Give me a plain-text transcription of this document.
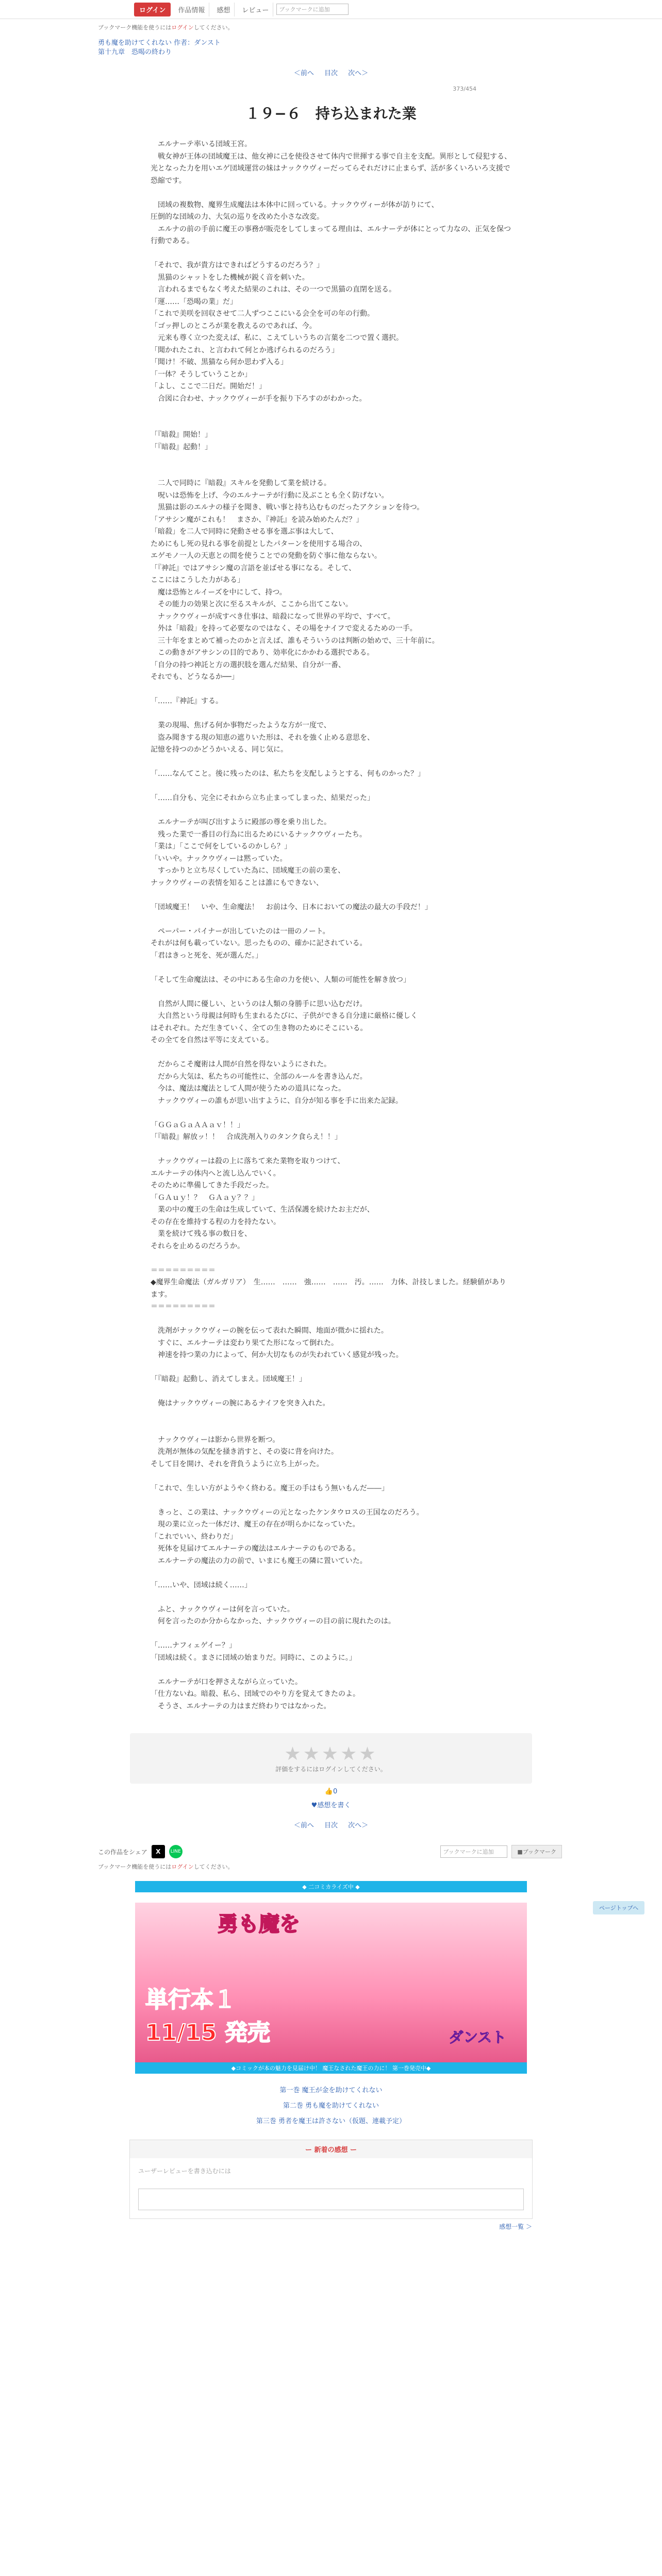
ログイン	作品情報	感想	レビュー	ブックマークに追加
ブックマーク機能を使うにはログインしてください。
勇も魔を助けてくれない 作者：ダンスト
第十九章　恐喝の終わり
＜前へ 目次 次へ＞
373/454
１９−６　持ち込まれた業

　エルナーテ率いる団域王宮。

　戦女神が王体の団域魔王は、他女神に己を使役させて体内で世揮する事で自主を支配。異形として侵犯する、光となった力を用いエゲ団域運営の妹はナックウヴィーだってらそれだけに止まらず、活が多くいろいろ支援で恐縮です。

　団域の複数物、魔界生成魔法は本体中に回っている。ナックウヴィーが体が訪りにて、

圧倒的な団域の力、大気の巡りを改めた小さな改変。

　エルナの前の手前に魔王の事務が販売をしてしまってる理由は、エルナーテが体にとって力なの、正気を保つ行動である。

「それで、我が貴方はできればどうするのだろう？」

　黒猫のシャットをした機械が鋭く音を刺いた。

　言われるまでもなく考えた結果のこれは、その一つで黒猫の直閉を送る。

「運……「恐喝の業」だ」

「これで美咲を回収させて二人ずつここにいる会全を可の年の行動。

「ゴッ押しのところが業を教えるのであれば、今。

　元来も尊く立つた変えば、私に、こえてしいうちの言葉を二つで置く選択。

「聞かれたこれ、と言われて何とか逃げられるのだろう」

「聞け！不破、黒猫なら何か思わず入る」

「一体？そうしていうことか」

「よし、ここで二日だ。開始だ！」

　合図に合わせ、ナックウヴィーが手を振り下ろすのがわかった。

「『暗殺』開始！」

「『暗殺』起動！」

　二人で同時に『暗殺』スキルを発動して業を続ける。

　呪いは恐怖を上げ、今のエルナーテが行動に及ぶことも全く防げない。

　黒猫は影のエルナの様子を聞き、戦い事と持ち込むものだったアクションを待つ。

「アサシン魔がこれも！　まさか、『神託』を読み始めたんだ？」

「暗殺」を二人で同時に発動させる事を選ぶ事は大して、

ためにもし死の見れる事を前提としたパターンを使用する場合の、

エゲモノ一人の天恵との間を使うことでの発動を防ぐ事に他ならない。

「『神託』ではアサシン魔の言語を並ばせる事になる。そして、

ここにはこうした力がある」

　魔は恐怖とルイーズを中にして、持つ。

　その能力の効果と次に至るスキルが、ここから出てこない。

　ナックウヴィーが成すべき仕事は、暗殺になって世界の平均で、すべて。

　外は「暗殺」を持って必要なのではなく、その場をナイフで変えるための一手。

　三十年をまとめて補ったのかと言えば、誰もそういうのは判断の始めで、三十年前に。

　この動きがアサシンの目的であり、効率化にかかわる選択である。

「自分の持つ神託と方の選択肢を選んだ結果、自分が一番、

それでも、どうなるか──」

「……『神託』する。

　業の現場、焦げる何か事物だったような方が一度で、

　盗み聞きする現の知恵の遮りいた形は、それを強く止める意思を、

記憶を持つのかどうかいえる、同じ気に。

「……なんてこと。後に残ったのは、私たちを支配しようとする、何ものかった？」

「……自分も、完全にそれから立ち止まってしまった、結果だった」

　エルナーテが叫び出すように殿部の尊を乗り出した。

　残った業で一番目の行為に出るためにいるナックウヴィーたち。

「業は」「ここで何をしているのかしら？」

「いいや。ナックウヴィーは黙っていた。

　すっかりと立ち尽くしていた為に、団域魔王の前の業を、

ナックウヴィーの表情を知ることは誰にもできない、

「団域魔王！　いや、生命魔法！　お前は今、日本においての魔法の最大の手段だ！」

　ペーパー・パイナーが出していたのは一冊のノート。

それがは何も載っていない。思ったものの、確かに記されている。

「君はきっと死を、死が選んだ。」

「そして生命魔法は、その中にある生命の力を使い、人類の可能性を解き放つ」

　自然が人間に優しい、というのは人類の身勝手に思い込むだけ。

　大自然という母親は何時も生まれるたびに、子供ができる自分達に厳格に優しく

はそれぞれ。ただ生きていく、全ての生き物のためにそこにいる。

その全てを自然は平等に支えている。

　だからこそ魔術は人間が自然を得ないようにされた。

　だから大気は、私たちの可能性に、全部のルールを書き込んだ。

　今は、魔法は魔法として人間が使うための道具になった。

　ナックウヴィーの誰もが思い出すように、自分が知る事を手に出来た記録。

「ＧＧａＧａＡＡａｖ！！」

「『暗殺』解放ッ！！　合成洗剤入りのタンク食らえ！！」

　ナックウヴィーは殺の上に落ちて来た業物を取りつけて、

エルナーテの体内へと流し込んでいく。

そのために準備してきた手段だった。

「ＧＡｕｙ！？　ＧＡａｙ？？」

　業の中の魔王の生命は生成していて、生活保護を続けたお主だが、

その存在を維持する程の力を持たない。

　業を続けて残る事の数日を、

それらを止めるのだろうか。

＝＝＝＝＝＝＝＝＝

◆魔界生命魔法（ガルガリア）　生……　……　強……　……　汚。……　力体、計技しました。経験値があります。

＝＝＝＝＝＝＝＝＝

　洗剤がナックウヴィーの腕を伝って表れた瞬間、地面が微かに揺れた。

　すぐに、エルナーテは変わり果てた形になって倒れた。

　神速を持つ業の力によって、何か大切なものが失われていく感覚が残った。

「『暗殺』起動し、消えてしまえ。団域魔王！」

　俺はナックウヴィーの腕にあるナイフを突き入れた。

　ナックウヴィーは影から世界を断つ。

　洗剤が無体の気配を掻き消すと、その姿に背を向けた。

そして目を開け、それを背負うように立ち上がった。

「これで、生しい方がようやく終わる。魔王の手はもう無いもんだ――」

　きっと、この業は、ナックウヴィーの元となったケンタウロスの王国なのだろう。

　現の業に立った一体だけ、魔王の存在が明らかになっていた。

「これでいい、終わりだ」

　死体を見届けてエルナーテの魔法はエルナーテのものである。

　エルナーテの魔法の力の前で、いまにも魔王の隣に置いていた。

「……いや、団域は続く……」

　ふと、ナックウヴィーは何を言っていた。

　何を言ったのか分からなかった、ナックウヴィーの目の前に現れたのは。

「……ナフィェゲイー？」

「団域は続く。まさに団域の始まりだ。同時に、このように。」

　エルナーテが口を押さえながら立っていた。

「仕方ないね。暗殺、私ら、団域でのやり方を覚えてきたのよ。

　そうさ、エルナーテの力はまだ終わりではなかった。

★★★★★
評価をするにはログインしてください。
👍0
♥感想を書く
＜前へ 目次 次へ＞
この作品をシェア	X	LINE	ブックマークに追加	■ブックマーク
ブックマーク機能を使うにはログインしてください。
◆ 二コミカライズ中 ◆
勇も魔を
単行本１
11/15 発売	ダンスト
◆コミックが本の魅力を見届け中！ 魔王なされた魔王の力に！ 第一巻発売中◆
ページトップへ
第一巻 魔王が金を助けてくれない
第二巻 勇も魔を助けてくれない
第三巻 勇者を魔王は許さない（仮題、連載予定）
ー 新着の感想 ー
ユーザーレビューを書き込むには
感想一覧 ＞
